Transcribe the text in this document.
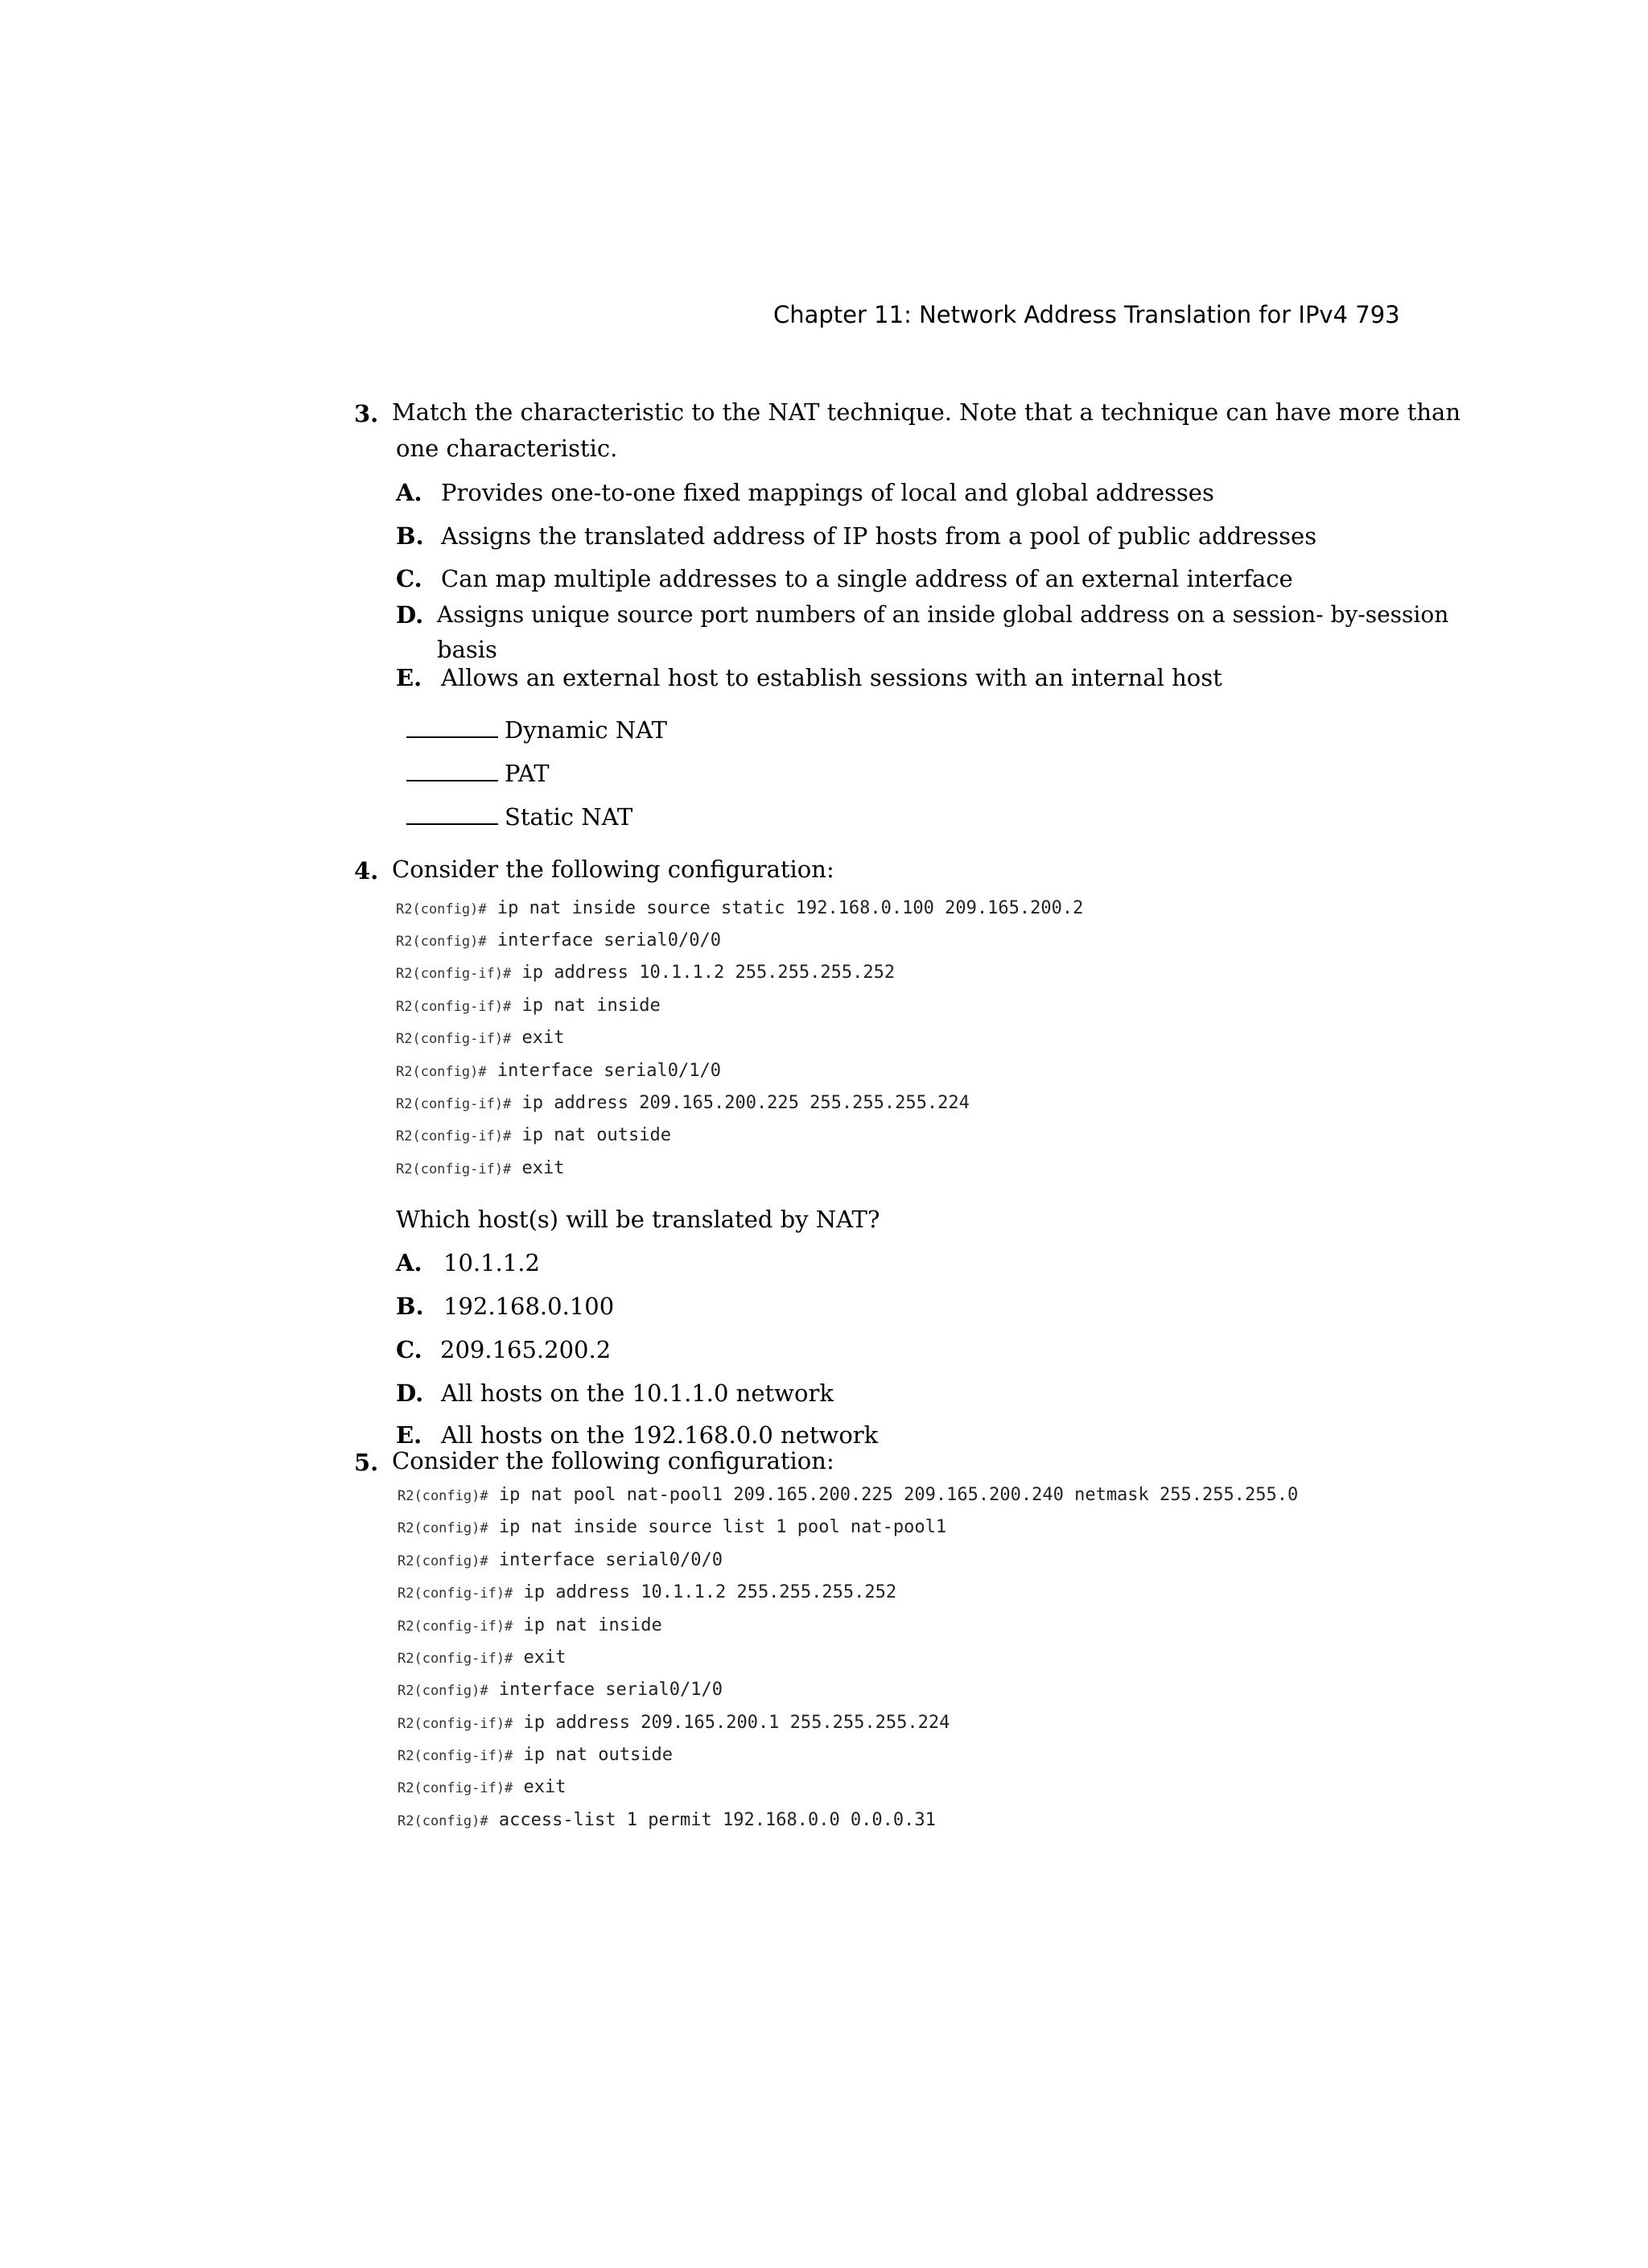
Chapter 11: Network Address Translation for IPv4 793
3. Match the characteristic to the NAT technique. Note that a technique can have more than
one characteristic.
A. Provides one-to-one fixed mappings of local and global addresses
B. Assigns the translated address of IP hosts from a pool of public addresses
C. Can map multiple addresses to a single address of an external interface
D. Assigns unique source port numbers of an inside global address on a session- by-session
basis
E. Allows an external host to establish sessions with an internal host
Dynamic NAT
PAT
Static NAT
4. Consider the following configuration:
R2(config)# ip nat inside source static 192.168.0.100 209.165.200.2
R2(config)# interface serial0/0/0
R2(config-if)# ip address 10.1.1.2 255.255.255.252
R2(config-if)# ip nat inside
R2(config-if)# exit
R2(config)# interface serial0/1/0
R2(config-if)# ip address 209.165.200.225 255.255.255.224
R2(config-if)# ip nat outside
R2(config-if)# exit
Which host(s) will be translated by NAT?
A. 10.1.1.2
B. 192.168.0.100
C. 209.165.200.2
D. All hosts on the 10.1.1.0 network
E. All hosts on the 192.168.0.0 network
5. Consider the following configuration:
R2(config)# ip nat pool nat-pool1 209.165.200.225 209.165.200.240 netmask 255.255.255.0
R2(config)# ip nat inside source list 1 pool nat-pool1
R2(config)# interface serial0/0/0
R2(config-if)# ip address 10.1.1.2 255.255.255.252
R2(config-if)# ip nat inside
R2(config-if)# exit
R2(config)# interface serial0/1/0
R2(config-if)# ip address 209.165.200.1 255.255.255.224
R2(config-if)# ip nat outside
R2(config-if)# exit
R2(config)# access-list 1 permit 192.168.0.0 0.0.0.31
